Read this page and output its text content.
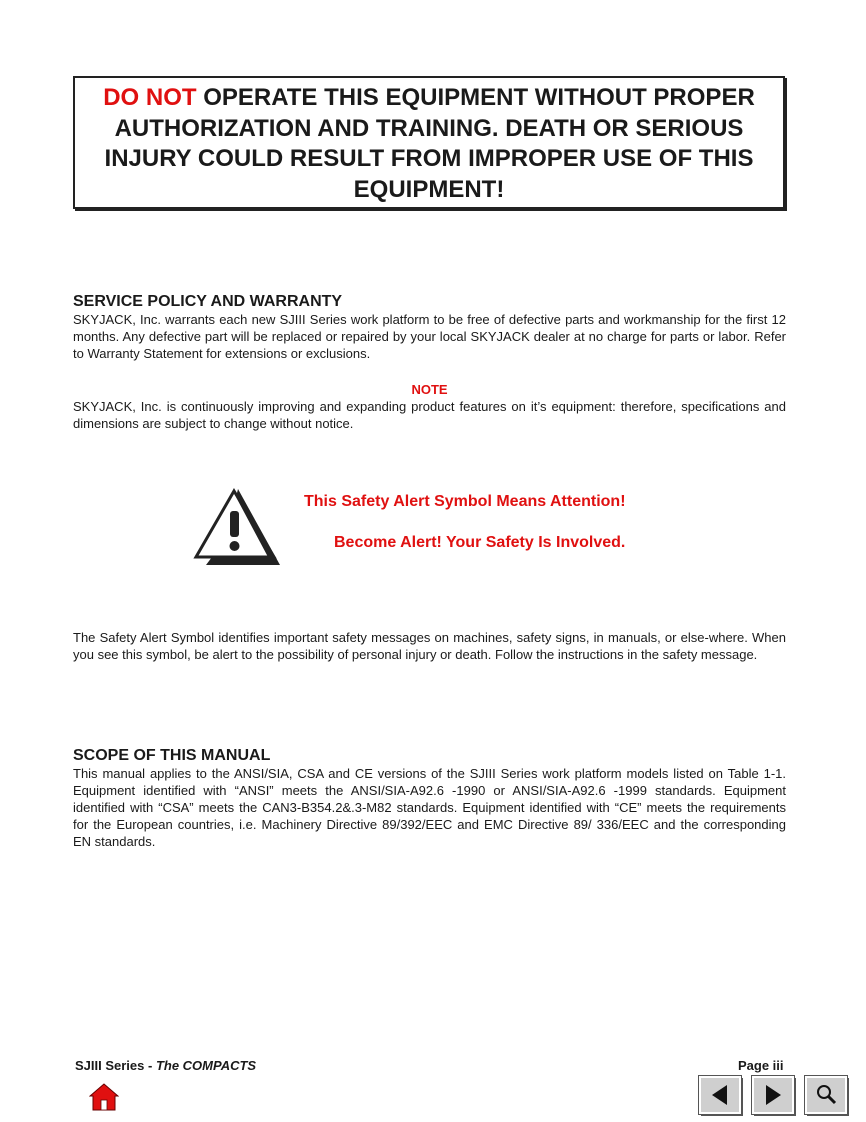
DO NOT OPERATE THIS EQUIPMENT WITHOUT PROPER
AUTHORIZATION AND TRAINING. DEATH OR SERIOUS
INJURY COULD RESULT FROM IMPROPER USE OF THIS
EQUIPMENT!
SERVICE POLICY AND WARRANTY

SKYJACK, Inc. warrants each new SJIII Series work platform to be free of defective parts and workmanship for the first 12 months. Any defective part will be replaced or repaired by your local SKYJACK dealer at no charge for parts or labor. Refer to Warranty Statement for extensions or exclusions.

NOTE

SKYJACK, Inc. is continuously improving and expanding product features on it’s equipment: therefore, specifications and dimensions are subject to change without notice.

This Safety Alert Symbol Means Attention!
Become Alert! Your Safety Is Involved.

The Safety Alert Symbol identifies important safety messages on machines, safety signs, in manuals, or else-where. When you see this symbol, be alert to the possibility of personal injury or death. Follow the instructions in the safety message.

SCOPE OF THIS MANUAL

This manual applies to the ANSI/SIA, CSA and CE versions of the SJIII Series work platform models listed on Table 1-1. Equipment identified with “ANSI” meets the ANSI/SIA-A92.6 -1990 or ANSI/SIA-A92.6 -1999 standards. Equipment identified with “CSA” meets the CAN3-B354.2&.3-M82 standards. Equipment identified with “CE” meets the requirements for the European countries, i.e. Machinery Directive 89/392/EEC and EMC Directive 89/ 336/EEC and the corresponding EN standards.

SJIII Series - The COMPACTS	Page iii
